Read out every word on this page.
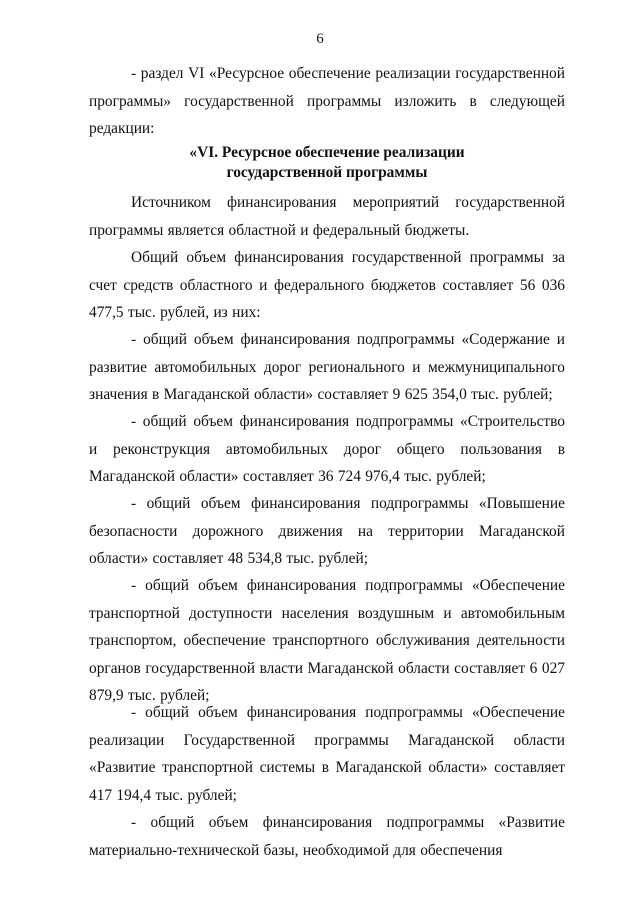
6

- раздел VI «Ресурсное обеспечение реализации государственной программы» государственной программы изложить в следующей редакции:

«VI. Ресурсное обеспечение реализации

государственной программы

Источником финансирования мероприятий государственной программы является областной и федеральный бюджеты.

Общий объем финансирования государственной программы за счет средств областного и федерального бюджетов составляет 56 036 477,5 тыс. рублей, из них:

- общий объем финансирования подпрограммы «Содержание и развитие автомобильных дорог регионального и межмуниципального значения в Магаданской области» составляет 9 625 354,0 тыс. рублей;

- общий объем финансирования подпрограммы «Строительство и реконструкция автомобильных дорог общего пользования в Магаданской области» составляет 36 724 976,4 тыс. рублей;

- общий объем финансирования подпрограммы «Повышение безопасности дорожного движения на территории Магаданской области» составляет 48 534,8 тыс. рублей;

- общий объем финансирования подпрограммы «Обеспечение транспортной доступности населения воздушным и автомобильным транспортом, обеспечение транспортного обслуживания деятельности органов государственной власти Магаданской области составляет 6 027 879,9 тыс. рублей;

- общий объем финансирования подпрограммы «Обеспечение реализации Государственной программы Магаданской области «Развитие транспортной системы в Магаданской области» составляет 417 194,4 тыс. рублей;

- общий объем финансирования подпрограммы «Развитие материально-технической базы, необходимой для обеспечения
